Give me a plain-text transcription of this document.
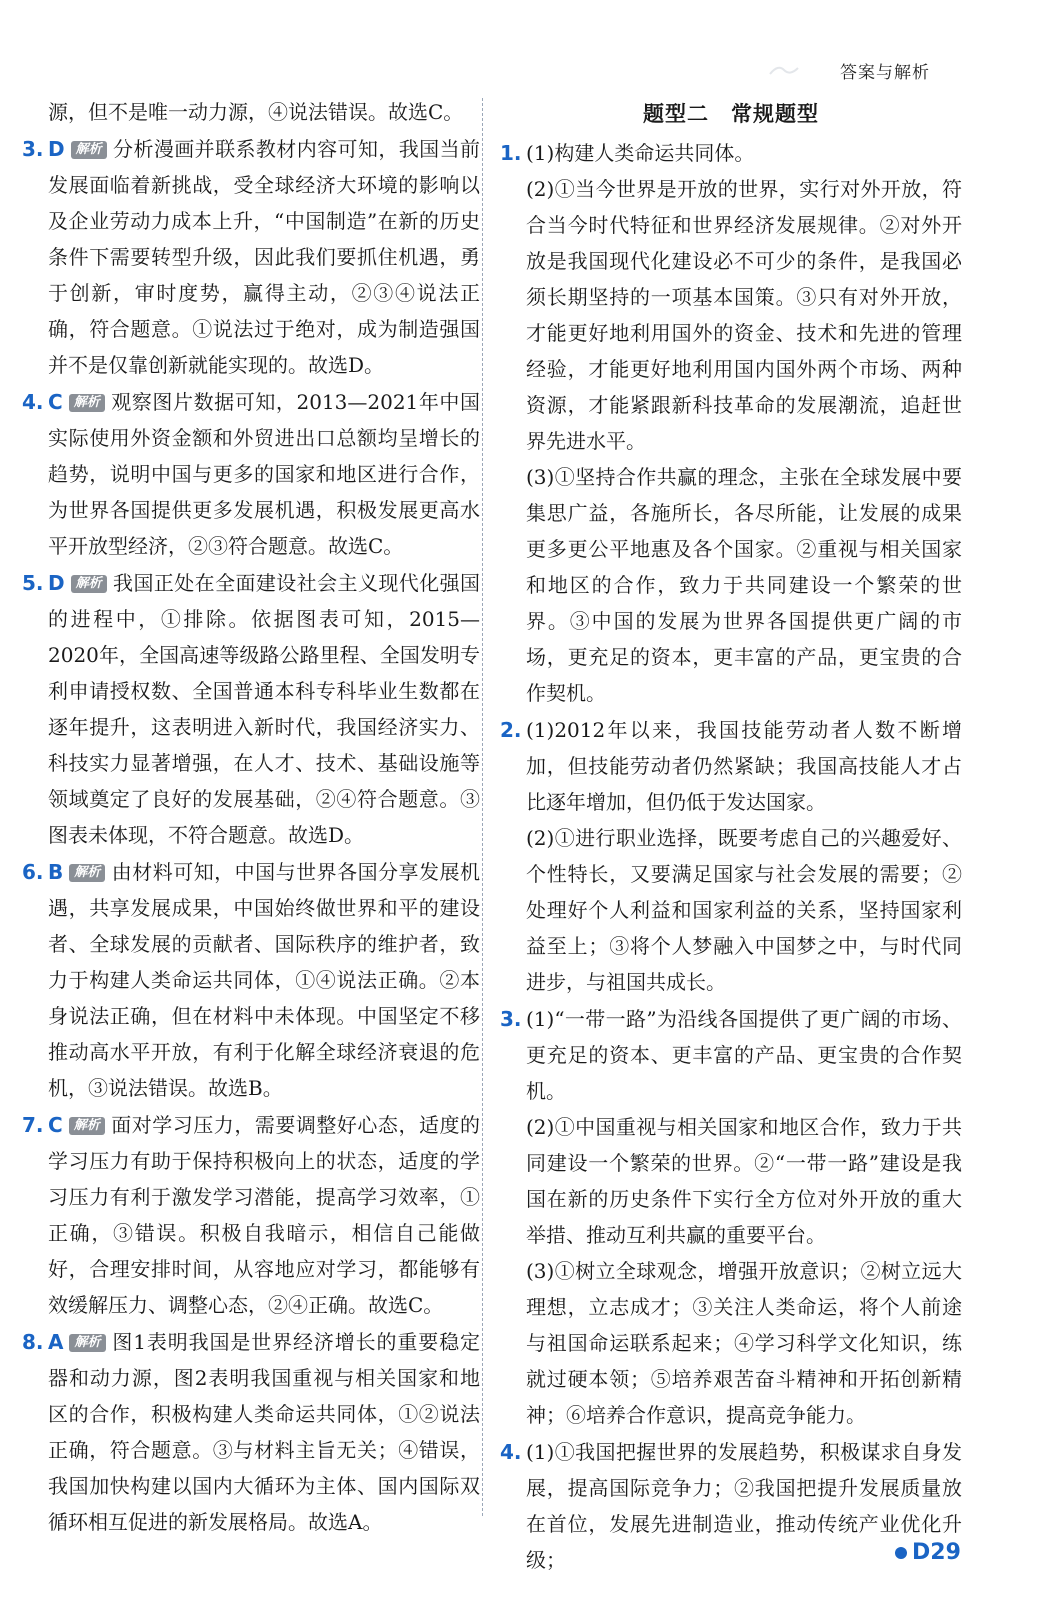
答案与解析
源，但不是唯一动力源，④说法错误。故选C。
3. D 解析 分析漫画并联系教材内容可知，我国当前发展面临着新挑战，受全球经济大环境的影响以及企业劳动力成本上升，“中国制造”在新的历史条件下需要转型升级，因此我们要抓住机遇，勇于创新，审时度势，赢得主动，②③④说法正确，符合题意。①说法过于绝对，成为制造强国并不是仅靠创新就能实现的。故选D。
4. C 解析 观察图片数据可知，2013—2021年中国实际使用外资金额和外贸进出口总额均呈增长的趋势，说明中国与更多的国家和地区进行合作，为世界各国提供更多发展机遇，积极发展更高水平开放型经济，②③符合题意。故选C。
5. D 解析 我国正处在全面建设社会主义现代化强国的进程中，①排除。依据图表可知，2015—2020年，全国高速等级路公路里程、全国发明专利申请授权数、全国普通本科专科毕业生数都在逐年提升，这表明进入新时代，我国经济实力、科技实力显著增强，在人才、技术、基础设施等领域奠定了良好的发展基础，②④符合题意。③图表未体现，不符合题意。故选D。
6. B 解析 由材料可知，中国与世界各国分享发展机遇，共享发展成果，中国始终做世界和平的建设者、全球发展的贡献者、国际秩序的维护者，致力于构建人类命运共同体，①④说法正确。②本身说法正确，但在材料中未体现。中国坚定不移推动高水平开放，有利于化解全球经济衰退的危机，③说法错误。故选B。
7. C 解析 面对学习压力，需要调整好心态，适度的学习压力有助于保持积极向上的状态，适度的学习压力有利于激发学习潜能，提高学习效率，①正确，③错误。积极自我暗示，相信自己能做好，合理安排时间，从容地应对学习，都能够有效缓解压力、调整心态，②④正确。故选C。
8. A 解析 图1表明我国是世界经济增长的重要稳定器和动力源，图2表明我国重视与相关国家和地区的合作，积极构建人类命运共同体，①②说法正确，符合题意。③与材料主旨无关；④错误，我国加快构建以国内大循环为主体、国内国际双循环相互促进的新发展格局。故选A。
题型二　常规题型
1. (1)构建人类命运共同体。
(2)①当今世界是开放的世界，实行对外开放，符合当今时代特征和世界经济发展规律。②对外开放是我国现代化建设必不可少的条件，是我国必须长期坚持的一项基本国策。③只有对外开放，才能更好地利用国外的资金、技术和先进的管理经验，才能更好地利用国内国外两个市场、两种资源，才能紧跟新科技革命的发展潮流，追赶世界先进水平。
(3)①坚持合作共赢的理念，主张在全球发展中要集思广益，各施所长，各尽所能，让发展的成果更多更公平地惠及各个国家。②重视与相关国家和地区的合作，致力于共同建设一个繁荣的世界。③中国的发展为世界各国提供更广阔的市场，更充足的资本，更丰富的产品，更宝贵的合作契机。
2. (1)2012年以来，我国技能劳动者人数不断增加，但技能劳动者仍然紧缺；我国高技能人才占比逐年增加，但仍低于发达国家。
(2)①进行职业选择，既要考虑自己的兴趣爱好、个性特长，又要满足国家与社会发展的需要；②处理好个人利益和国家利益的关系，坚持国家利益至上；③将个人梦融入中国梦之中，与时代同进步，与祖国共成长。
3. (1)“一带一路”为沿线各国提供了更广阔的市场、更充足的资本、更丰富的产品、更宝贵的合作契机。
(2)①中国重视与相关国家和地区合作，致力于共同建设一个繁荣的世界。②“一带一路”建设是我国在新的历史条件下实行全方位对外开放的重大举措、推动互利共赢的重要平台。
(3)①树立全球观念，增强开放意识；②树立远大理想，立志成才；③关注人类命运，将个人前途与祖国命运联系起来；④学习科学文化知识，练就过硬本领；⑤培养艰苦奋斗精神和开拓创新精神；⑥培养合作意识，提高竞争能力。
4. (1)①我国把握世界的发展趋势，积极谋求自身发展，提高国际竞争力；②我国把提升发展质量放在首位，发展先进制造业，推动传统产业优化升级；	D29
